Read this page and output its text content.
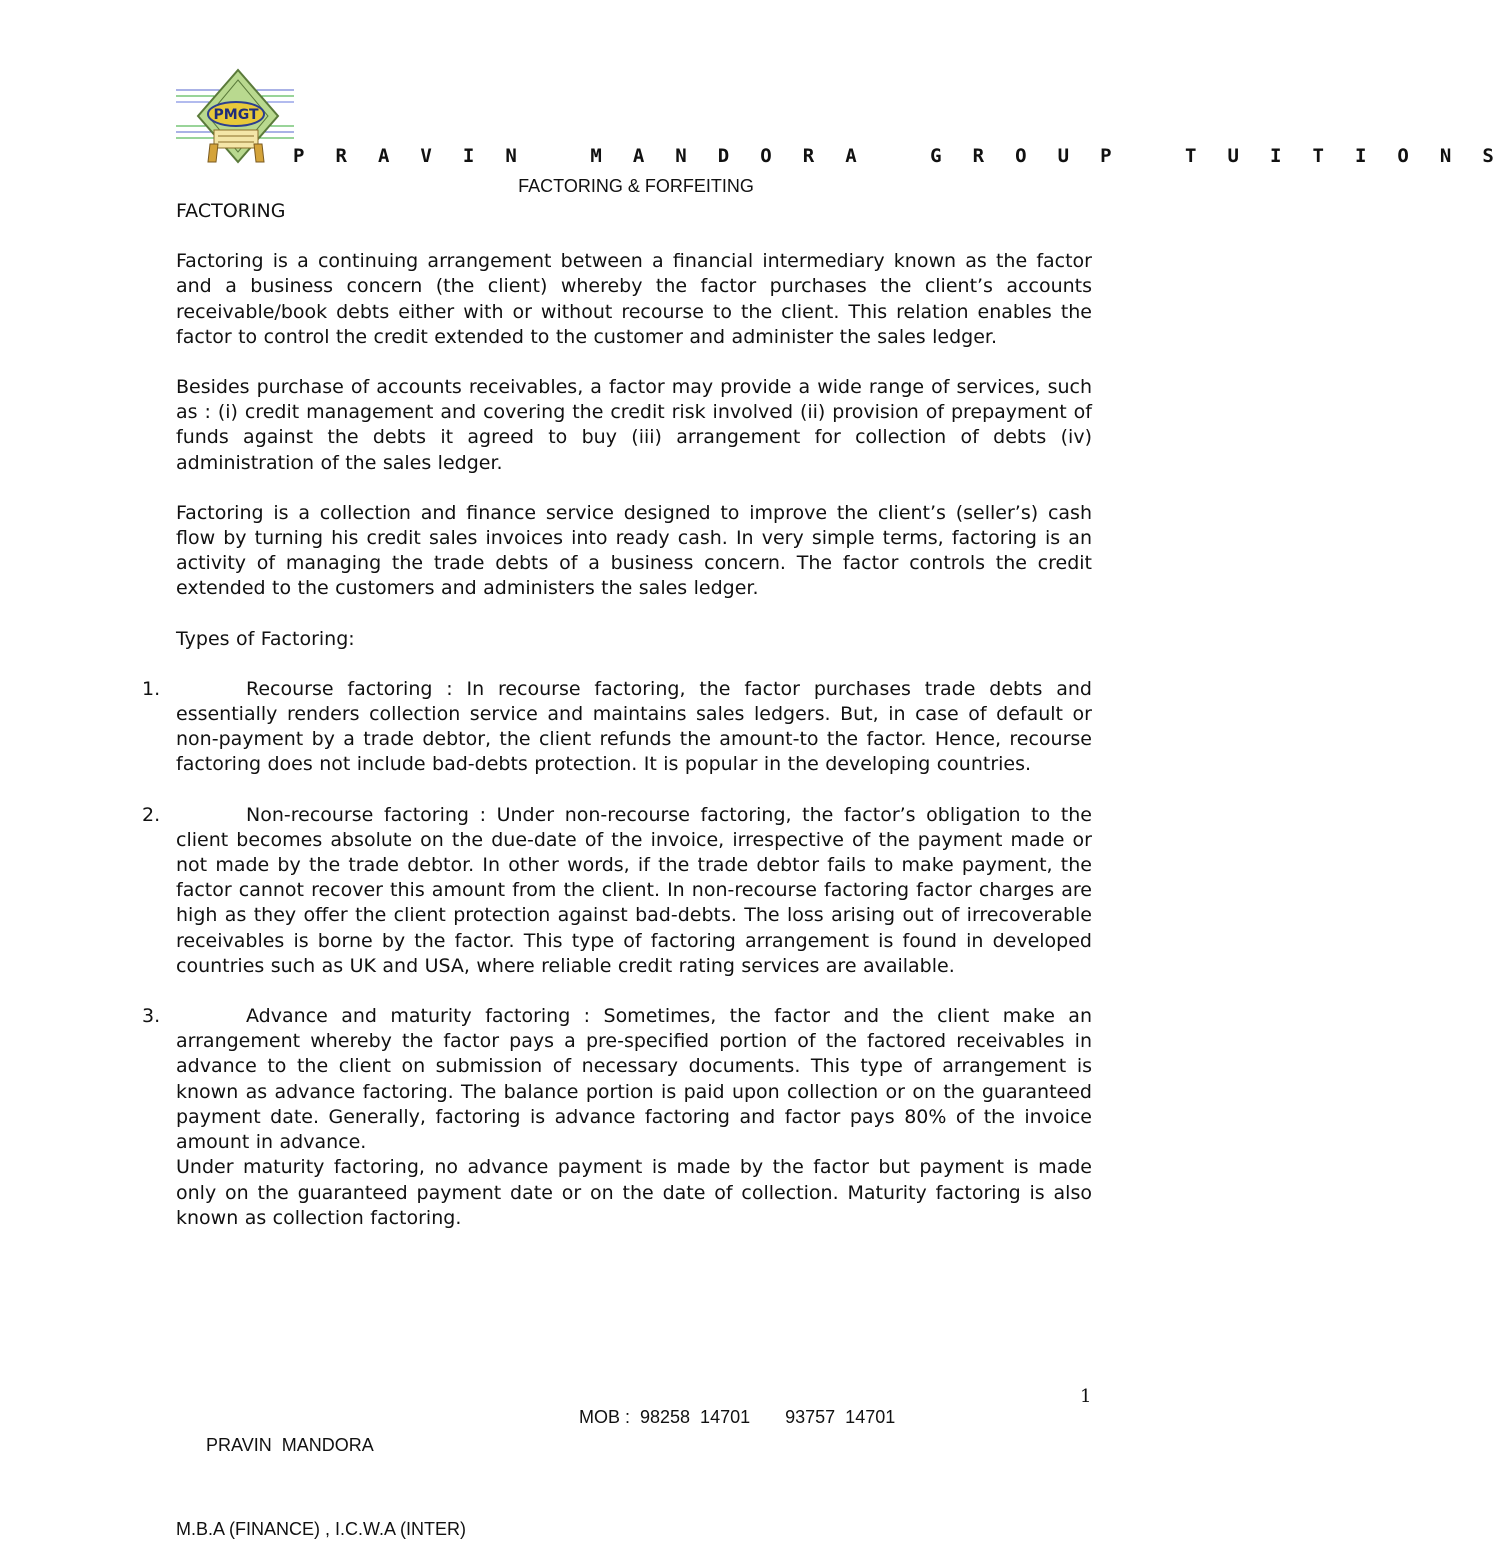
PMGT
P R A V I N   M A N D O R A   G R O U P   T U I T I O N S
FACTORING & FORFEITING

FACTORING

Factoring is a continuing arrangement between a financial intermediary known as the factor and a business concern (the client) whereby the factor purchases the client’s accounts receivable/book debts either with or without recourse to the client. This relation enables the factor to control the credit extended to the customer and administer the sales ledger.

Besides purchase of accounts receivables, a factor may provide a wide range of services, such as : (i) credit management and covering the credit risk involved (ii) provision of prepayment of funds against the debts it agreed to buy (iii) arrangement for collection of debts (iv) administration of the sales ledger.

Factoring is a collection and finance service designed to improve the client’s (seller’s) cash flow by turning his credit sales invoices into ready cash. In very simple terms, factoring is an activity of managing the trade debts of a business concern. The factor controls the credit extended to the customers and administers the sales ledger.

Types of Factoring:

1.	Recourse factoring : In recourse factoring, the factor purchases trade debts and essentially renders collection service and maintains sales ledgers. But, in case of default or non-payment by a trade debtor, the client refunds the amount-to the factor. Hence, recourse factoring does not include bad-debts protection. It is popular in the developing countries.

2.	Non-recourse factoring : Under non-recourse factoring, the factor’s obligation to the client becomes absolute on the due-date of the invoice, irrespective of the payment made or not made by the trade debtor. In other words, if the trade debtor fails to make payment, the factor cannot recover this amount from the client. In non-recourse factoring factor charges are high as they offer the client protection against bad-debts. The loss arising out of irrecoverable receivables is borne by the factor. This type of factoring arrangement is found in developed countries such as UK and USA, where reliable credit rating services are available.

3.	Advance and maturity factoring : Sometimes, the factor and the client make an arrangement whereby the factor pays a pre-specified portion of the factored receivables in advance to the client on submission of necessary documents. This type of arrangement is known as advance factoring. The balance portion is paid upon collection or on the guaranteed payment date. Generally, factoring is advance factoring and factor pays 80% of the invoice amount in advance.

Under maturity factoring, no advance payment is made by the factor but payment is made only on the guaranteed payment date or on the date of collection. Maturity factoring is also known as collection factoring.

1

PRAVIN  MANDORA

MOB :  98258  14701       93757  14701

M.B.A (FINANCE) , I.C.W.A (INTER)
